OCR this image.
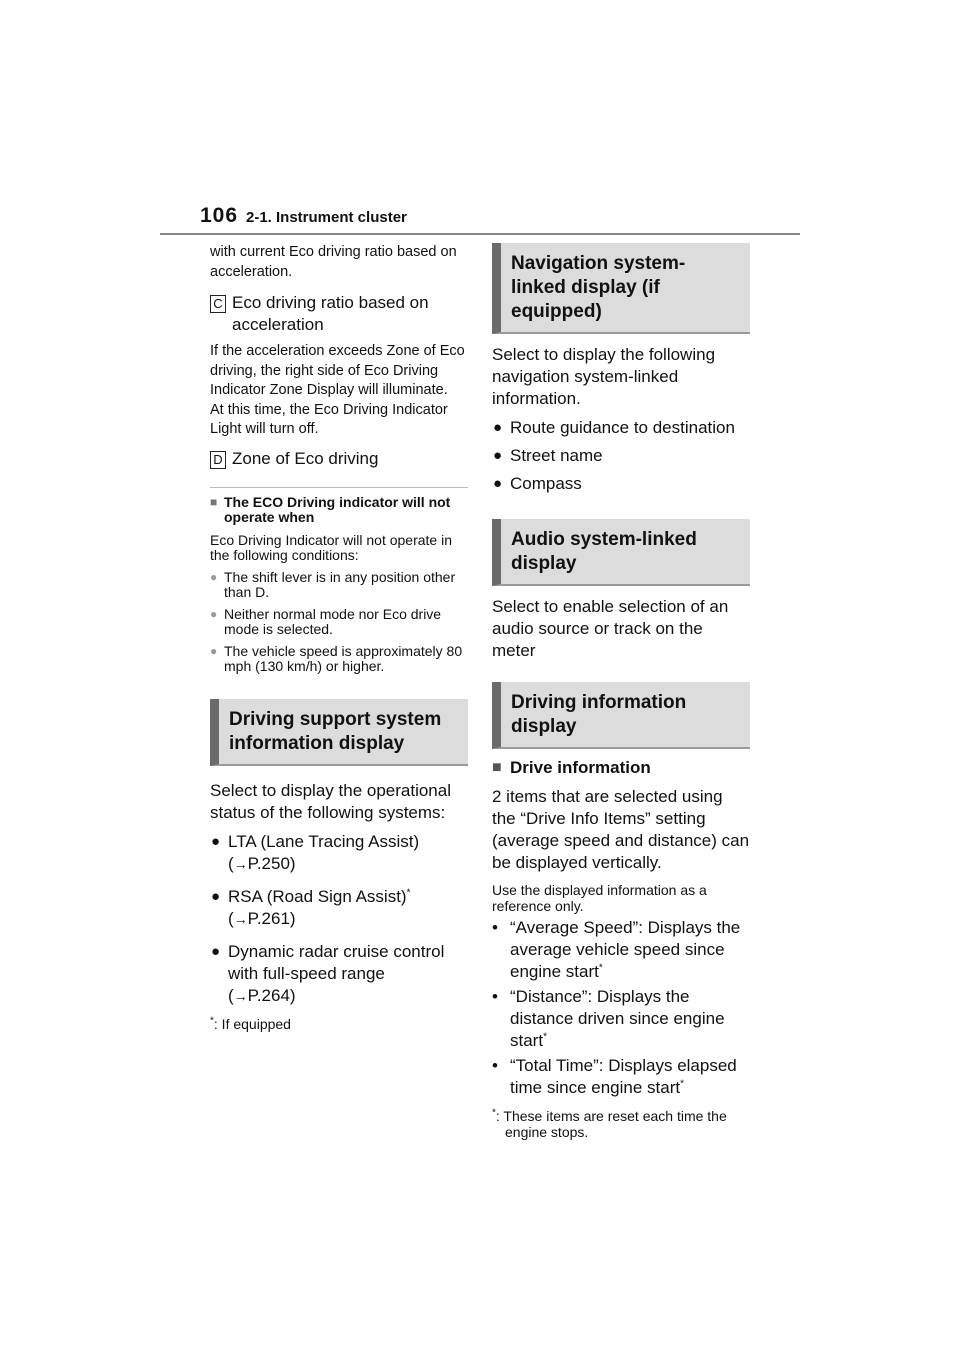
106 2-1. Instrument cluster

with current Eco driving ratio based on acceleration.

C Eco driving ratio based on acceleration

If the acceleration exceeds Zone of Eco driving, the right side of Eco Driving Indicator Zone Display will illuminate.

At this time, the Eco Driving Indicator Light will turn off.

D Zone of Eco driving
■ The ECO Driving indicator will not operate when

Eco Driving Indicator will not operate in the following conditions:

● The shift lever is in any position other than D.
● Neither normal mode nor Eco drive mode is selected.
● The vehicle speed is approximately 80 mph (130 km/h) or higher.
Driving support system information display

Select to display the operational status of the following systems:

● LTA (Lane Tracing Assist)
(→P.250)
● RSA (Road Sign Assist)*
(→P.261)
● Dynamic radar cruise control with full-speed range
(→P.264)

*: If equipped

Navigation system-linked display (if equipped)

Select to display the following navigation system-linked information.

● Route guidance to destination
● Street name
● Compass
Audio system-linked display

Select to enable selection of an audio source or track on the meter

Driving information display
■ Drive information

2 items that are selected using the “Drive Info Items” setting (average speed and distance) can be displayed vertically.

Use the displayed information as a reference only.

• “Average Speed”: Displays the average vehicle speed since engine start*
• “Distance”: Displays the distance driven since engine start*
• “Total Time”: Displays elapsed time since engine start*

*: These items are reset each time the engine stops.
